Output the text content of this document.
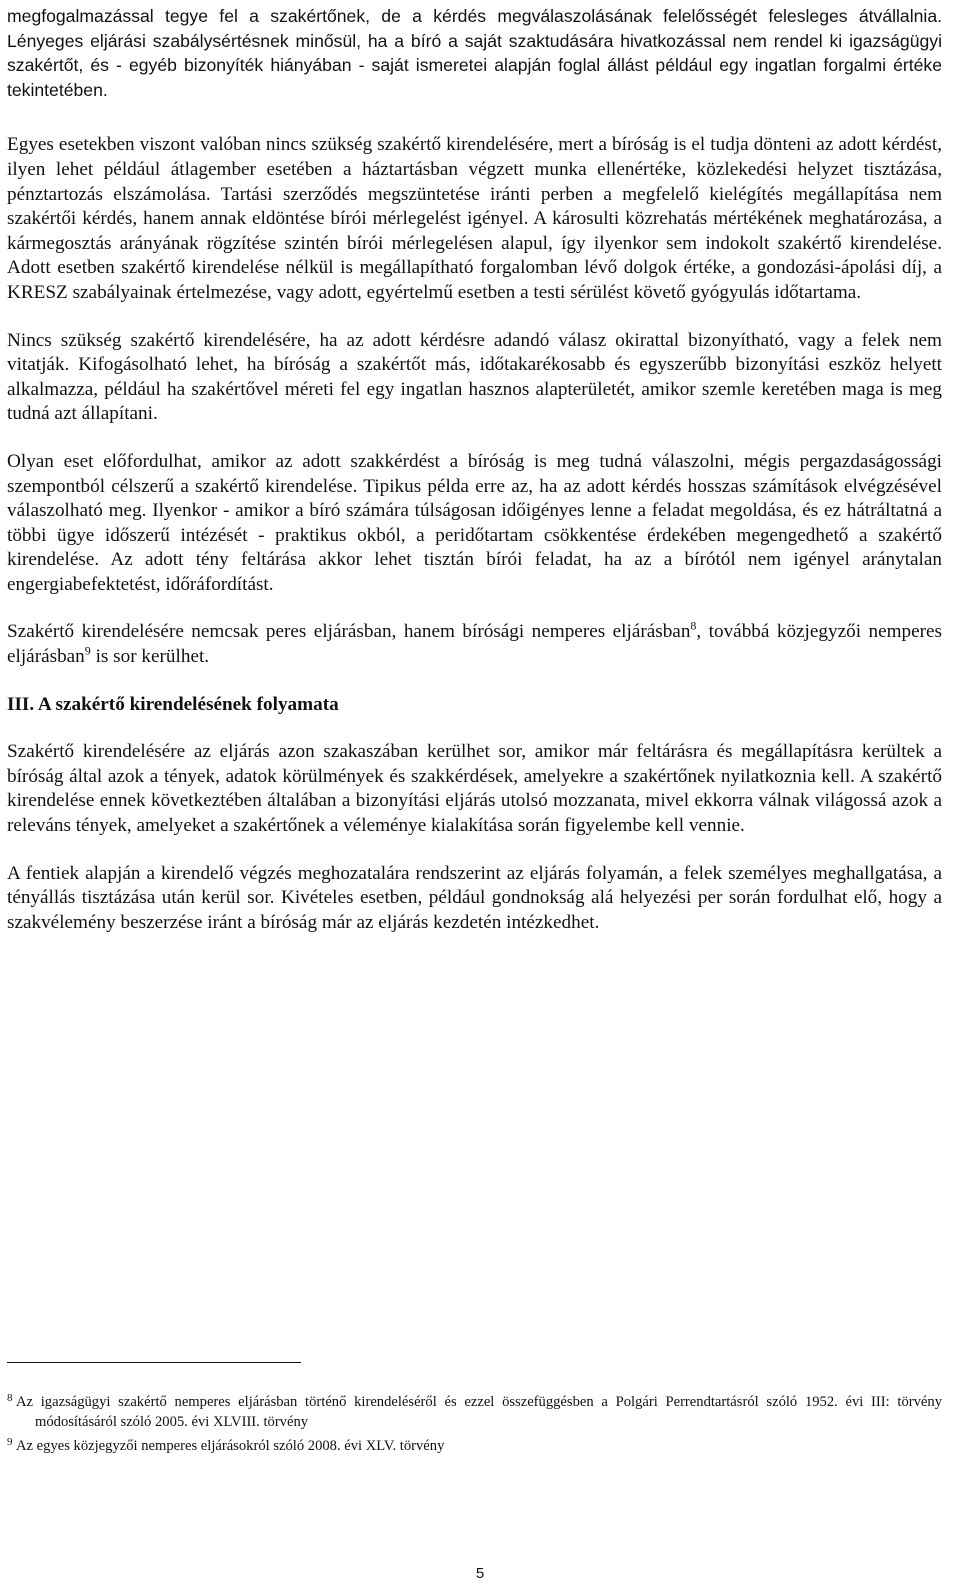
megfogalmazással tegye fel a szakértőnek, de a kérdés megválaszolásának felelősségét felesleges átvállalnia. Lényeges eljárási szabálysértésnek minősül, ha a bíró a saját szaktudására hivatkozással nem rendel ki igazságügyi szakértőt, és - egyéb bizonyíték hiányában - saját ismeretei alapján foglal állást például egy ingatlan forgalmi értéke tekintetében.

Egyes esetekben viszont valóban nincs szükség szakértő kirendelésére, mert a bíróság is el tudja dönteni az adott kérdést, ilyen lehet például átlagember esetében a háztartásban végzett munka ellenértéke, közlekedési helyzet tisztázása, pénztartozás elszámolása. Tartási szerződés megszüntetése iránti perben a megfelelő kielégítés megállapítása nem szakértői kérdés, hanem annak eldöntése bírói mérlegelést igényel. A károsulti közrehatás mértékének meghatározása, a kármegosztás arányának rögzítése szintén bírói mérlegelésen alapul, így ilyenkor sem indokolt szakértő kirendelése. Adott esetben szakértő kirendelése nélkül is megállapítható forgalomban lévő dolgok értéke, a gondozási-ápolási díj, a KRESZ szabályainak értelmezése, vagy adott, egyértelmű esetben a testi sérülést követő gyógyulás időtartama.

Nincs szükség szakértő kirendelésére, ha az adott kérdésre adandó válasz okirattal bizonyítható, vagy a felek nem vitatják. Kifogásolható lehet, ha bíróság a szakértőt más, időtakarékosabb és egyszerűbb bizonyítási eszköz helyett alkalmazza, például ha szakértővel méreti fel egy ingatlan hasznos alapterületét, amikor szemle keretében maga is meg tudná azt állapítani.

Olyan eset előfordulhat, amikor az adott szakkérdést a bíróság is meg tudná válaszolni, mégis pergazdaságossági szempontból célszerű a szakértő kirendelése. Tipikus példa erre az, ha az adott kérdés hosszas számítások elvégzésével válaszolható meg. Ilyenkor - amikor a bíró számára túlságosan időigényes lenne a feladat megoldása, és ez hátráltatná a többi ügye időszerű intézését - praktikus okból, a peridőtartam csökkentése érdekében megengedhető a szakértő kirendelése. Az adott tény feltárása akkor lehet tisztán bírói feladat, ha az a bírótól nem igényel aránytalan engergiabefektetést, időráfordítást.

Szakértő kirendelésére nemcsak peres eljárásban, hanem bírósági nemperes eljárásban$^8$, továbbá közjegyzői nemperes eljárásban$^9$ is sor kerülhet.

III. A szakértő kirendelésének folyamata

Szakértő kirendelésére az eljárás azon szakaszában kerülhet sor, amikor már feltárásra és megállapításra kerültek a bíróság által azok a tények, adatok körülmények és szakkérdések, amelyekre a szakértőnek nyilatkoznia kell. A szakértő kirendelése ennek következtében általában a bizonyítási eljárás utolsó mozzanata, mivel ekkorra válnak világossá azok a releváns tények, amelyeket a szakértőnek a véleménye kialakítása során figyelembe kell vennie.

A fentiek alapján a kirendelő végzés meghozatalára rendszerint az eljárás folyamán, a felek személyes meghallgatása, a tényállás tisztázása után kerül sor. Kivételes esetben, például gondnokság alá helyezési per során fordulhat elő, hogy a szakvélemény beszerzése iránt a bíróság már az eljárás kezdetén intézkedhet.

8 Az igazságügyi szakértő nemperes eljárásban történő kirendeléséről és ezzel összefüggésben a Polgári Perrendtartásról szóló 1952. évi III: törvény módosításáról szóló 2005. évi XLVIII. törvény

9 Az egyes közjegyzői nemperes eljárásokról szóló 2008. évi XLV. törvény

5
